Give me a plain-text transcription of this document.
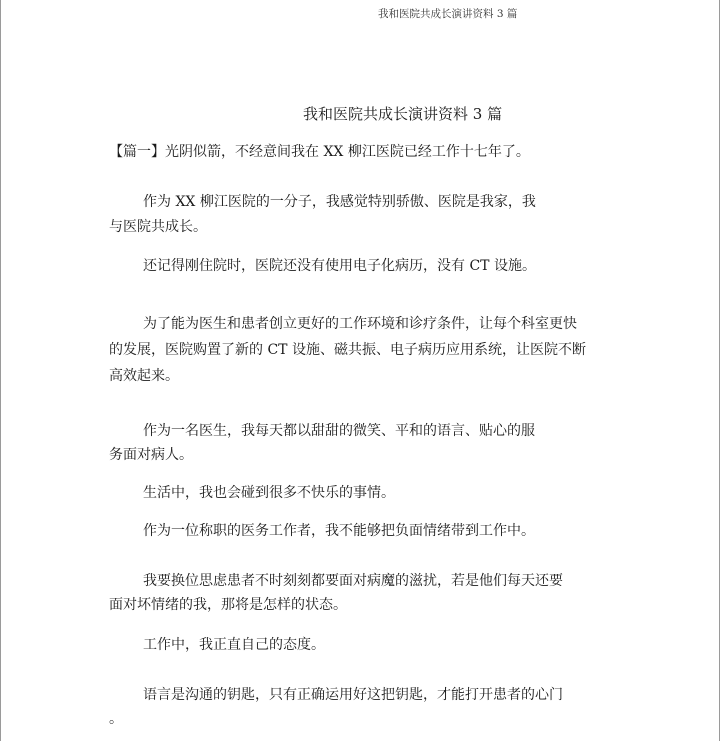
我和医院共成长演讲资料 3 篇
我和医院共成长演讲资料 3 篇
【篇一】光阴似箭，不经意间我在 XX 柳江医院已经工作十七年了。
作为 XX 柳江医院的一分子，我感觉特别骄傲、医院是我家，我
与医院共成长。
还记得刚住院时，医院还没有使用电子化病历，没有 CT 设施。
为了能为医生和患者创立更好的工作环境和诊疗条件，让每个科室更快
的发展，医院购置了新的 CT 设施、磁共振、电子病历应用系统，让医院不断
高效起来。
作为一名医生，我每天都以甜甜的微笑、平和的语言、贴心的服
务面对病人。
生活中，我也会碰到很多不快乐的事情。
作为一位称职的医务工作者，我不能够把负面情绪带到工作中。
我要换位思虑患者不时刻刻都要面对病魔的滋扰，若是他们每天还要
面对坏情绪的我，那将是怎样的状态。
工作中，我正直自己的态度。
语言是沟通的钥匙，只有正确运用好这把钥匙，才能打开患者的心门
。
